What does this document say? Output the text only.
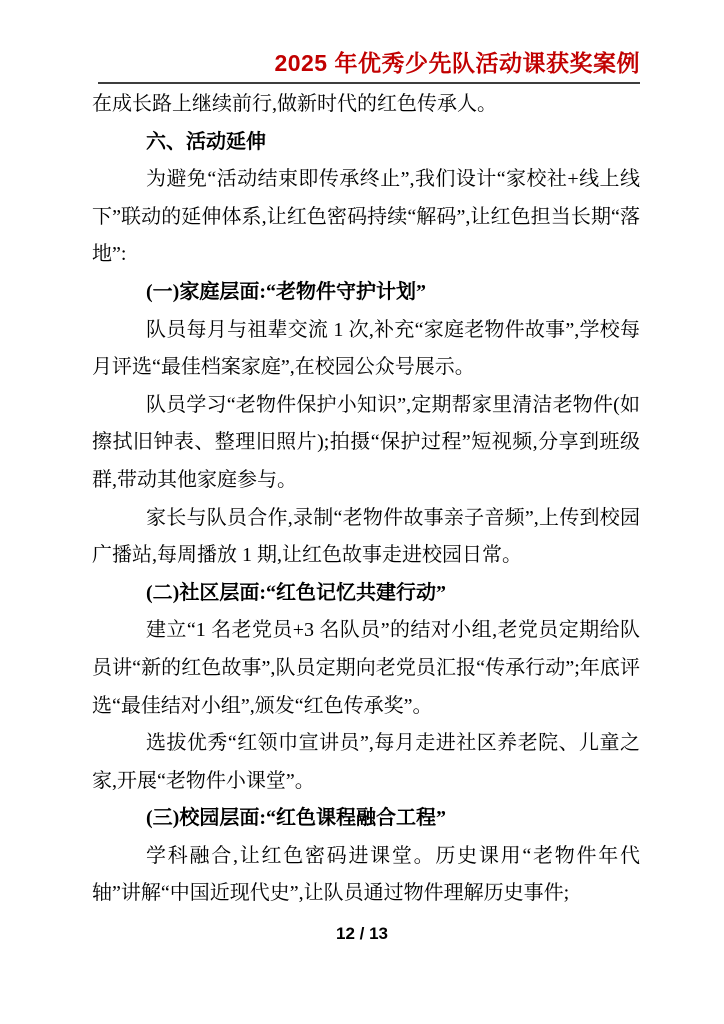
2025 年优秀少先队活动课获奖案例

在成长路上继续前行,做新时代的红色传承人。

六、活动延伸

为避免“活动结束即传承终止”,我们设计“家校社+线上线下”联动的延伸体系,让红色密码持续“解码”,让红色担当长期“落地”:

(一)家庭层面:“老物件守护计划”

队员每月与祖辈交流 1 次,补充“家庭老物件故事”,学校每月评选“最佳档案家庭”,在校园公众号展示。

队员学习“老物件保护小知识”,定期帮家里清洁老物件(如擦拭旧钟表、整理旧照片);拍摄“保护过程”短视频,分享到班级群,带动其他家庭参与。

家长与队员合作,录制“老物件故事亲子音频”,上传到校园广播站,每周播放 1 期,让红色故事走进校园日常。

(二)社区层面:“红色记忆共建行动”

建立“1 名老党员+3 名队员”的结对小组,老党员定期给队员讲“新的红色故事”,队员定期向老党员汇报“传承行动”;年底评选“最佳结对小组”,颁发“红色传承奖”。

选拔优秀“红领巾宣讲员”,每月走进社区养老院、儿童之家,开展“老物件小课堂”。

(三)校园层面:“红色课程融合工程”

学科融合,让红色密码进课堂。历史课用“老物件年代轴”讲解“中国近现代史”,让队员通过物件理解历史事件;

12 / 13
